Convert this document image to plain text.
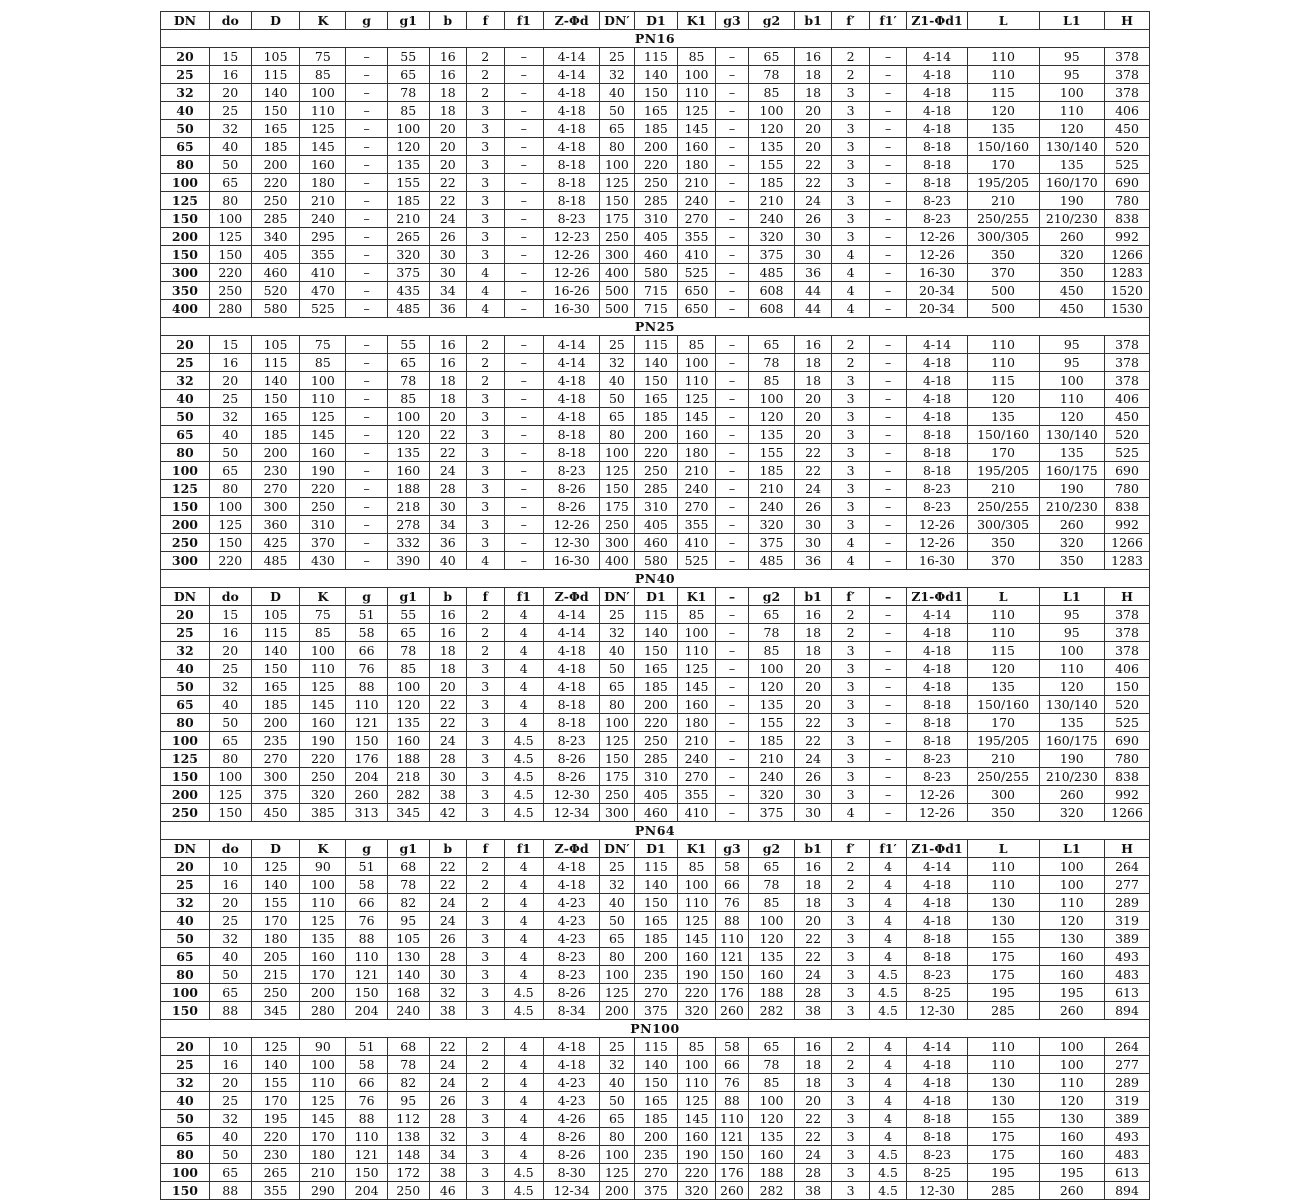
DN	do	D	K	g	g1	b	f	f1	Z-Φd	DN′	D1	K1	g3	g2	b1	f′	f1′	Z1-Φd1	L	L1	H
PN16																					
20	15	105	75	–	55	16	2	–	4-14	25	115	85	–	65	16	2	–	4-14	110	95	378
25	16	115	85	–	65	16	2	–	4-14	32	140	100	–	78	18	2	–	4-18	110	95	378
32	20	140	100	–	78	18	2	–	4-18	40	150	110	–	85	18	3	–	4-18	115	100	378
40	25	150	110	–	85	18	3	–	4-18	50	165	125	–	100	20	3	–	4-18	120	110	406
50	32	165	125	–	100	20	3	–	4-18	65	185	145	–	120	20	3	–	4-18	135	120	450
65	40	185	145	–	120	20	3	–	4-18	80	200	160	–	135	20	3	–	8-18	150/160	130/140	520
80	50	200	160	–	135	20	3	–	8-18	100	220	180	–	155	22	3	–	8-18	170	135	525
100	65	220	180	–	155	22	3	–	8-18	125	250	210	–	185	22	3	–	8-18	195/205	160/170	690
125	80	250	210	–	185	22	3	–	8-18	150	285	240	–	210	24	3	–	8-23	210	190	780
150	100	285	240	–	210	24	3	–	8-23	175	310	270	–	240	26	3	–	8-23	250/255	210/230	838
200	125	340	295	–	265	26	3	–	12-23	250	405	355	–	320	30	3	–	12-26	300/305	260	992
150	150	405	355	–	320	30	3	–	12-26	300	460	410	–	375	30	4	–	12-26	350	320	1266
300	220	460	410	–	375	30	4	–	12-26	400	580	525	–	485	36	4	–	16-30	370	350	1283
350	250	520	470	–	435	34	4	–	16-26	500	715	650	–	608	44	4	–	20-34	500	450	1520
400	280	580	525	–	485	36	4	–	16-30	500	715	650	–	608	44	4	–	20-34	500	450	1530
PN25																					
20	15	105	75	–	55	16	2	–	4-14	25	115	85	–	65	16	2	–	4-14	110	95	378
25	16	115	85	–	65	16	2	–	4-14	32	140	100	–	78	18	2	–	4-18	110	95	378
32	20	140	100	–	78	18	2	–	4-18	40	150	110	–	85	18	3	–	4-18	115	100	378
40	25	150	110	–	85	18	3	–	4-18	50	165	125	–	100	20	3	–	4-18	120	110	406
50	32	165	125	–	100	20	3	–	4-18	65	185	145	–	120	20	3	–	4-18	135	120	450
65	40	185	145	–	120	22	3	–	8-18	80	200	160	–	135	20	3	–	8-18	150/160	130/140	520
80	50	200	160	–	135	22	3	–	8-18	100	220	180	–	155	22	3	–	8-18	170	135	525
100	65	230	190	–	160	24	3	–	8-23	125	250	210	–	185	22	3	–	8-18	195/205	160/175	690
125	80	270	220	–	188	28	3	–	8-26	150	285	240	–	210	24	3	–	8-23	210	190	780
150	100	300	250	–	218	30	3	–	8-26	175	310	270	–	240	26	3	–	8-23	250/255	210/230	838
200	125	360	310	–	278	34	3	–	12-26	250	405	355	–	320	30	3	–	12-26	300/305	260	992
250	150	425	370	–	332	36	3	–	12-30	300	460	410	–	375	30	4	–	12-26	350	320	1266
300	220	485	430	–	390	40	4	–	16-30	400	580	525	–	485	36	4	–	16-30	370	350	1283
PN40																					
DN	do	D	K	g	g1	b	f	f1	Z-Φd	DN′	D1	K1	–	g2	b1	f′	–	Z1-Φd1	L	L1	H
20	15	105	75	51	55	16	2	4	4-14	25	115	85	–	65	16	2	–	4-14	110	95	378
25	16	115	85	58	65	16	2	4	4-14	32	140	100	–	78	18	2	–	4-18	110	95	378
32	20	140	100	66	78	18	2	4	4-18	40	150	110	–	85	18	3	–	4-18	115	100	378
40	25	150	110	76	85	18	3	4	4-18	50	165	125	–	100	20	3	–	4-18	120	110	406
50	32	165	125	88	100	20	3	4	4-18	65	185	145	–	120	20	3	–	4-18	135	120	150
65	40	185	145	110	120	22	3	4	8-18	80	200	160	–	135	20	3	–	8-18	150/160	130/140	520
80	50	200	160	121	135	22	3	4	8-18	100	220	180	–	155	22	3	–	8-18	170	135	525
100	65	235	190	150	160	24	3	4.5	8-23	125	250	210	–	185	22	3	–	8-18	195/205	160/175	690
125	80	270	220	176	188	28	3	4.5	8-26	150	285	240	–	210	24	3	–	8-23	210	190	780
150	100	300	250	204	218	30	3	4.5	8-26	175	310	270	–	240	26	3	–	8-23	250/255	210/230	838
200	125	375	320	260	282	38	3	4.5	12-30	250	405	355	–	320	30	3	–	12-26	300	260	992
250	150	450	385	313	345	42	3	4.5	12-34	300	460	410	–	375	30	4	–	12-26	350	320	1266
PN64																					
DN	do	D	K	g	g1	b	f	f1	Z-Φd	DN′	D1	K1	g3	g2	b1	f′	f1′	Z1-Φd1	L	L1	H
20	10	125	90	51	68	22	2	4	4-18	25	115	85	58	65	16	2	4	4-14	110	100	264
25	16	140	100	58	78	22	2	4	4-18	32	140	100	66	78	18	2	4	4-18	110	100	277
32	20	155	110	66	82	24	2	4	4-23	40	150	110	76	85	18	3	4	4-18	130	110	289
40	25	170	125	76	95	24	3	4	4-23	50	165	125	88	100	20	3	4	4-18	130	120	319
50	32	180	135	88	105	26	3	4	4-23	65	185	145	110	120	22	3	4	8-18	155	130	389
65	40	205	160	110	130	28	3	4	8-23	80	200	160	121	135	22	3	4	8-18	175	160	493
80	50	215	170	121	140	30	3	4	8-23	100	235	190	150	160	24	3	4.5	8-23	175	160	483
100	65	250	200	150	168	32	3	4.5	8-26	125	270	220	176	188	28	3	4.5	8-25	195	195	613
150	88	345	280	204	240	38	3	4.5	8-34	200	375	320	260	282	38	3	4.5	12-30	285	260	894
PN100																					
20	10	125	90	51	68	22	2	4	4-18	25	115	85	58	65	16	2	4	4-14	110	100	264
25	16	140	100	58	78	24	2	4	4-18	32	140	100	66	78	18	2	4	4-18	110	100	277
32	20	155	110	66	82	24	2	4	4-23	40	150	110	76	85	18	3	4	4-18	130	110	289
40	25	170	125	76	95	26	3	4	4-23	50	165	125	88	100	20	3	4	4-18	130	120	319
50	32	195	145	88	112	28	3	4	4-26	65	185	145	110	120	22	3	4	8-18	155	130	389
65	40	220	170	110	138	32	3	4	8-26	80	200	160	121	135	22	3	4	8-18	175	160	493
80	50	230	180	121	148	34	3	4	8-26	100	235	190	150	160	24	3	4.5	8-23	175	160	483
100	65	265	210	150	172	38	3	4.5	8-30	125	270	220	176	188	28	3	4.5	8-25	195	195	613
150	88	355	290	204	250	46	3	4.5	12-34	200	375	320	260	282	38	3	4.5	12-30	285	260	894
